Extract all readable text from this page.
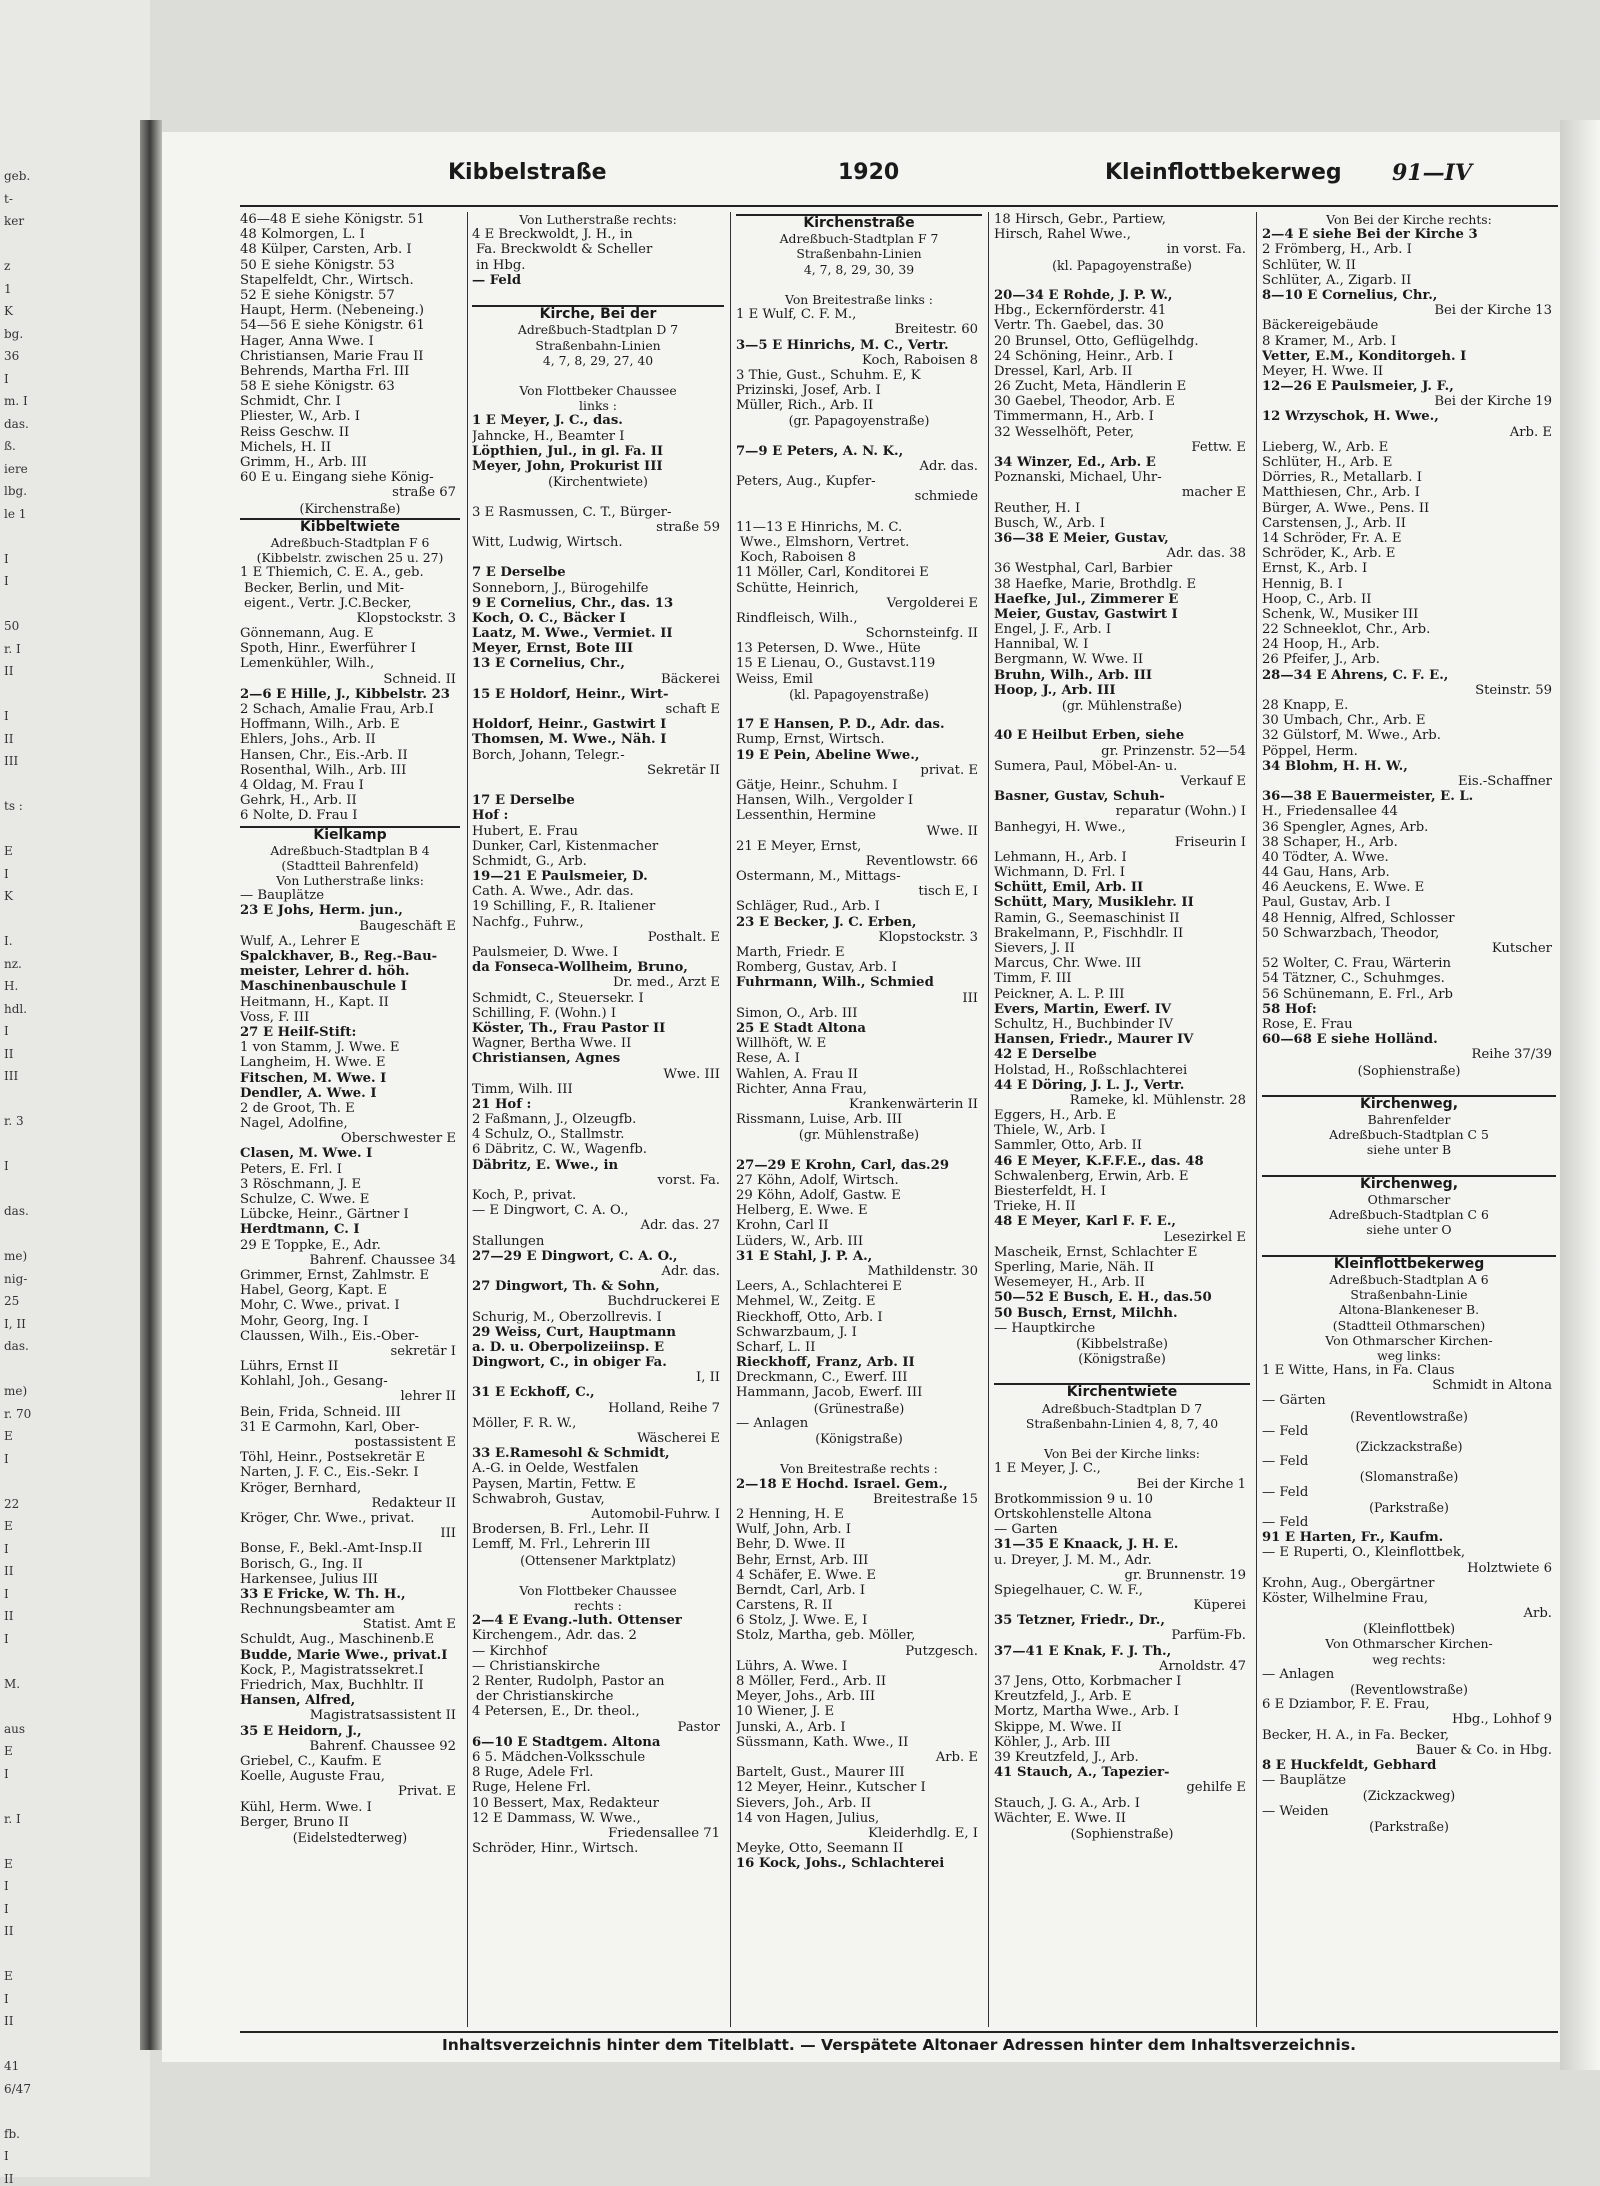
geb.
t-
ker
z
1
K
bg.
36
I
m. I
das.
ß.
iere
lbg.
le 1
I
I
50
r. I
II
I
II
III
ts :
E
I
K
I.
nz.
H.
hdl.
I
II
III
r. 3
I
das.
me)
nig-
25
I, II
das.
me)
r. 70
E
I
22
E
I
II
I
II
I
M.
aus
E
I
r. I
E
I
I
II
E
I
II
41
6/47
fb.
I
II
Kibbelstraße	1920	Kleinflottbekerweg 91—IV
46—48 E siehe Königstr. 51
48 Kolmorgen, L. I
48 Külper, Carsten, Arb. I
50 E siehe Königstr. 53
Stapelfeldt, Chr., Wirtsch.
52 E siehe Königstr. 57
Haupt, Herm. (Nebeneing.)
54—56 E siehe Königstr. 61
Hager, Anna Wwe. I
Christiansen, Marie Frau II
Behrends, Martha Frl. III
58 E siehe Königstr. 63
Schmidt, Chr. I
Pliester, W., Arb. I
Reiss Geschw. II
Michels, H. II
Grimm, H., Arb. III
60 E u. Eingang siehe König-
straße 67
(Kirchenstraße)
Kibbeltwiete
Adreßbuch-Stadtplan F 6
(Kibbelstr. zwischen 25 u. 27)
1 E Thiemich, C. E. A., geb.
Becker, Berlin, und Mit-
eigent., Vertr. J.C.Becker,
Klopstockstr. 3
Gönnemann, Aug. E
Spoth, Hinr., Ewerführer I
Lemenkühler, Wilh.,
Schneid. II
2—6 E Hille, J., Kibbelstr. 23
2 Schach, Amalie Frau, Arb.I
Hoffmann, Wilh., Arb. E
Ehlers, Johs., Arb. II
Hansen, Chr., Eis.-Arb. II
Rosenthal, Wilh., Arb. III
4 Oldag, M. Frau I
Gehrk, H., Arb. II
6 Nolte, D. Frau I
Kielkamp
Adreßbuch-Stadtplan B 4
(Stadtteil Bahrenfeld)
Von Lutherstraße links:
— Bauplätze
23 E Johs, Herm. jun.,
Baugeschäft E
Wulf, A., Lehrer E
Spalckhaver, B., Reg.-Bau-
meister, Lehrer d. höh.
Maschinenbauschule I
Heitmann, H., Kapt. II
Voss, F. III
27 E Heilf-Stift:
1 von Stamm, J. Wwe. E
Langheim, H. Wwe. E
Fitschen, M. Wwe. I
Dendler, A. Wwe. I
2 de Groot, Th. E
Nagel, Adolfine,
Oberschwester E
Clasen, M. Wwe. I
Peters, E. Frl. I
3 Röschmann, J. E
Schulze, C. Wwe. E
Lübcke, Heinr., Gärtner I
Herdtmann, C. I
29 E Toppke, E., Adr.
Bahrenf. Chaussee 34
Grimmer, Ernst, Zahlmstr. E
Habel, Georg, Kapt. E
Mohr, C. Wwe., privat. I
Mohr, Georg, Ing. I
Claussen, Wilh., Eis.-Ober-
sekretär I
Lührs, Ernst II
Kohlahl, Joh., Gesang-
lehrer II
Bein, Frida, Schneid. III
31 E Carmohn, Karl, Ober-
postassistent E
Töhl, Heinr., Postsekretär E
Narten, J. F. C., Eis.-Sekr. I
Kröger, Bernhard,
Redakteur II
Kröger, Chr. Wwe., privat.
III
Bonse, F., Bekl.-Amt-Insp.II
Borisch, G., Ing. II
Harkensee, Julius III
33 E Fricke, W. Th. H.,
Rechnungsbeamter am
Statist. Amt E
Schuldt, Aug., Maschinenb.E
Budde, Marie Wwe., privat.I
Kock, P., Magistratssekret.I
Friedrich, Max, Buchhltr. II
Hansen, Alfred,
Magistratsassistent II
35 E Heidorn, J.,
Bahrenf. Chaussee 92
Griebel, C., Kaufm. E
Koelle, Auguste Frau,
Privat. E
Kühl, Herm. Wwe. I
Berger, Bruno II
(Eidelstedterweg)
Von Lutherstraße rechts:
4 E Breckwoldt, J. H., in
Fa. Breckwoldt & Scheller
in Hbg.
— Feld
Kirche, Bei der
Adreßbuch-Stadtplan D 7
Straßenbahn-Linien
4, 7, 8, 29, 27, 40
Von Flottbeker Chaussee
links :
1 E Meyer, J. C., das.
Jahncke, H., Beamter I
Löpthien, Jul., in gl. Fa. II
Meyer, John, Prokurist III
(Kirchentwiete)
3 E Rasmussen, C. T., Bürger-
straße 59
Witt, Ludwig, Wirtsch.
7 E Derselbe
Sonneborn, J., Bürogehilfe
9 E Cornelius, Chr., das. 13
Koch, O. C., Bäcker I
Laatz, M. Wwe., Vermiet. II
Meyer, Ernst, Bote III
13 E Cornelius, Chr.,
Bäckerei
15 E Holdorf, Heinr., Wirt-
schaft E
Holdorf, Heinr., Gastwirt I
Thomsen, M. Wwe., Näh. I
Borch, Johann, Telegr.-
Sekretär II
17 E Derselbe
Hof :
Hubert, E. Frau
Dunker, Carl, Kistenmacher
Schmidt, G., Arb.
19—21 E Paulsmeier, D.
Cath. A. Wwe., Adr. das.
19 Schilling, F., R. Italiener
Nachfg., Fuhrw.,
Posthalt. E
Paulsmeier, D. Wwe. I
da Fonseca-Wollheim, Bruno,
Dr. med., Arzt E
Schmidt, C., Steuersekr. I
Schilling, F. (Wohn.) I
Köster, Th., Frau Pastor II
Wagner, Bertha Wwe. II
Christiansen, Agnes
Wwe. III
Timm, Wilh. III
21 Hof :
2 Faßmann, J., Ölzeugfb.
4 Schulz, O., Stallmstr.
6 Däbritz, C. W., Wagenfb.
Däbritz, E. Wwe., in
vorst. Fa.
Koch, P., privat.
— E Dingwort, C. A. O.,
Adr. das. 27
Stallungen
27—29 E Dingwort, C. A. O.,
Adr. das.
27 Dingwort, Th. & Sohn,
Buchdruckerei E
Schurig, M., Oberzollrevis. I
29 Weiss, Curt, Hauptmann
a. D. u. Oberpolizeiinsp. E
Dingwort, C., in obiger Fa.
I, II
31 E Eckhoff, C.,
Holland, Reihe 7
Möller, F. R. W.,
Wäscherei E
33 E.Ramesohl & Schmidt,
A.-G. in Oelde, Westfalen
Paysen, Martin, Fettw. E
Schwabroh, Gustav,
Automobil-Fuhrw. I
Brodersen, B. Frl., Lehr. II
Lemff, M. Frl., Lehrerin III
(Ottensener Marktplatz)
Von Flottbeker Chaussee
rechts :
2—4 E Evang.-luth. Ottenser
Kirchengem., Adr. das. 2
— Kirchhof
— Christianskirche
2 Renter, Rudolph, Pastor an
der Christianskirche
4 Petersen, E., Dr. theol.,
Pastor
6—10 E Stadtgem. Altona
6 5. Mädchen-Volksschule
8 Ruge, Adele Frl.
Ruge, Helene Frl.
10 Bessert, Max, Redakteur
12 E Dammass, W. Wwe.,
Friedensallee 71
Schröder, Hinr., Wirtsch.
Kirchenstraße
Adreßbuch-Stadtplan F 7
Straßenbahn-Linien
4, 7, 8, 29, 30, 39
Von Breitestraße links :
1 E Wulf, C. F. M.,
Breitestr. 60
3—5 E Hinrichs, M. C., Vertr.
Koch, Raboisen 8
3 Thie, Gust., Schuhm. E, K
Prizinski, Josef, Arb. I
Müller, Rich., Arb. II
(gr. Papagoyenstraße)
7—9 E Peters, A. N. K.,
Adr. das.
Peters, Aug., Kupfer-
schmiede
11—13 E Hinrichs, M. C.
Wwe., Elmshorn, Vertret.
Koch, Raboisen 8
11 Möller, Carl, Konditorei E
Schütte, Heinrich,
Vergolderei E
Rindfleisch, Wilh.,
Schornsteinfg. II
13 Petersen, D. Wwe., Hüte
15 E Lienau, O., Gustavst.119
Weiss, Emil
(kl. Papagoyenstraße)
17 E Hansen, P. D., Adr. das.
Rump, Ernst, Wirtsch.
19 E Pein, Abeline Wwe.,
privat. E
Gätje, Heinr., Schuhm. I
Hansen, Wilh., Vergolder I
Lessenthin, Hermine
Wwe. II
21 E Meyer, Ernst,
Reventlowstr. 66
Ostermann, M., Mittags-
tisch E, I
Schläger, Rud., Arb. I
23 E Becker, J. C. Erben,
Klopstockstr. 3
Marth, Friedr. E
Romberg, Gustav, Arb. I
Fuhrmann, Wilh., Schmied
III
Simon, O., Arb. III
25 E Stadt Altona
Willhöft, W. E
Rese, A. I
Wahlen, A. Frau II
Richter, Anna Frau,
Krankenwärterin II
Rissmann, Luise, Arb. III
(gr. Mühlenstraße)
27—29 E Krohn, Carl, das.29
27 Köhn, Adolf, Wirtsch.
29 Köhn, Adolf, Gastw. E
Helberg, E. Wwe. E
Krohn, Carl II
Lüders, W., Arb. III
31 E Stahl, J. P. A.,
Mathildenstr. 30
Leers, A., Schlachterei E
Mehmel, W., Zeitg. E
Rieckhoff, Otto, Arb. I
Schwarzbaum, J. I
Scharf, L. II
Rieckhoff, Franz, Arb. II
Dreckmann, C., Ewerf. III
Hammann, Jacob, Ewerf. III
(Grünestraße)
— Anlagen
(Königstraße)
Von Breitestraße rechts :
2—18 E Hochd. Israel. Gem.,
Breitestraße 15
2 Henning, H. E
Wulf, John, Arb. I
Behr, D. Wwe. II
Behr, Ernst, Arb. III
4 Schäfer, E. Wwe. E
Berndt, Carl, Arb. I
Carstens, R. II
6 Stolz, J. Wwe. E, I
Stolz, Martha, geb. Möller,
Putzgesch.
Lührs, A. Wwe. I
8 Möller, Ferd., Arb. II
Meyer, Johs., Arb. III
10 Wiener, J. E
Junski, A., Arb. I
Süssmann, Kath. Wwe., II
Arb. E
Bartelt, Gust., Maurer III
12 Meyer, Heinr., Kutscher I
Sievers, Joh., Arb. II
14 von Hagen, Julius,
Kleiderhdlg. E, I
Meyke, Otto, Seemann II
16 Kock, Johs., Schlachterei
18 Hirsch, Gebr., Partiew,
Hirsch, Rahel Wwe.,
in vorst. Fa.
(kl. Papagoyenstraße)
20—34 E Rohde, J. P. W.,
Hbg., Eckernförderstr. 41
Vertr. Th. Gaebel, das. 30
20 Brunsel, Otto, Geflügelhdg.
24 Schöning, Heinr., Arb. I
Dressel, Karl, Arb. II
26 Zucht, Meta, Händlerin E
30 Gaebel, Theodor, Arb. E
Timmermann, H., Arb. I
32 Wesselhöft, Peter,
Fettw. E
34 Winzer, Ed., Arb. E
Poznanski, Michael, Uhr-
macher E
Reuther, H. I
Busch, W., Arb. I
36—38 E Meier, Gustav,
Adr. das. 38
36 Westphal, Carl, Barbier
38 Haefke, Marie, Brothdlg. E
Haefke, Jul., Zimmerer E
Meier, Gustav, Gastwirt I
Engel, J. F., Arb. I
Hannibal, W. I
Bergmann, W. Wwe. II
Bruhn, Wilh., Arb. III
Hoop, J., Arb. III
(gr. Mühlenstraße)
40 E Heilbut Erben, siehe
gr. Prinzenstr. 52—54
Sumera, Paul, Möbel-An- u.
Verkauf E
Basner, Gustav, Schuh-
reparatur (Wohn.) I
Banhegyi, H. Wwe.,
Friseurin I
Lehmann, H., Arb. I
Wichmann, D. Frl. I
Schütt, Emil, Arb. II
Schütt, Mary, Musiklehr. II
Ramin, G., Seemaschinist II
Brakelmann, P., Fischhdlr. II
Sievers, J. II
Marcus, Chr. Wwe. III
Timm, F. III
Peickner, A. L. P. III
Evers, Martin, Ewerf. IV
Schultz, H., Buchbinder IV
Hansen, Friedr., Maurer IV
42 E Derselbe
Holstad, H., Roßschlachterei
44 E Döring, J. L. J., Vertr.
Rameke, kl. Mühlenstr. 28
Eggers, H., Arb. E
Thiele, W., Arb. I
Sammler, Otto, Arb. II
46 E Meyer, K.F.F.E., das. 48
Schwalenberg, Erwin, Arb. E
Biesterfeldt, H. I
Trieke, H. II
48 E Meyer, Karl F. F. E.,
Lesezirkel E
Mascheik, Ernst, Schlachter E
Sperling, Marie, Näh. II
Wesemeyer, H., Arb. II
50—52 E Busch, E. H., das.50
50 Busch, Ernst, Milchh.
— Hauptkirche
(Kibbelstraße)
(Königstraße)
Kirchentwiete
Adreßbuch-Stadtplan D 7
Straßenbahn-Linien 4, 8, 7, 40
Von Bei der Kirche links:
1 E Meyer, J. C.,
Bei der Kirche 1
Brotkommission 9 u. 10
Ortskohlenstelle Altona
— Garten
31—35 E Knaack, J. H. E.
u. Dreyer, J. M. M., Adr.
gr. Brunnenstr. 19
Spiegelhauer, C. W. F.,
Küperei
35 Tetzner, Friedr., Dr.,
Parfüm-Fb.
37—41 E Knak, F. J. Th.,
Arnoldstr. 47
37 Jens, Otto, Korbmacher I
Kreutzfeld, J., Arb. E
Mortz, Martha Wwe., Arb. I
Skippe, M. Wwe. II
Köhler, J., Arb. III
39 Kreutzfeld, J., Arb.
41 Stauch, A., Tapezier-
gehilfe E
Stauch, J. G. A., Arb. I
Wächter, E. Wwe. II
(Sophienstraße)
Von Bei der Kirche rechts:
2—4 E siehe Bei der Kirche 3
2 Frömberg, H., Arb. I
Schlüter, W. II
Schlüter, A., Zigarb. II
8—10 E Cornelius, Chr.,
Bei der Kirche 13
Bäckereigebäude
8 Kramer, M., Arb. I
Vetter, E.M., Konditorgeh. I
Meyer, H. Wwe. II
12—26 E Paulsmeier, J. F.,
Bei der Kirche 19
12 Wrzyschok, H. Wwe.,
Arb. E
Lieberg, W., Arb. E
Schlüter, H., Arb. E
Dörries, R., Metallarb. I
Matthiesen, Chr., Arb. I
Bürger, A. Wwe., Pens. II
Carstensen, J., Arb. II
14 Schröder, Fr. A. E
Schröder, K., Arb. E
Ernst, K., Arb. I
Hennig, B. I
Hoop, C., Arb. II
Schenk, W., Musiker III
22 Schneeklot, Chr., Arb.
24 Hoop, H., Arb.
26 Pfeifer, J., Arb.
28—34 E Ahrens, C. F. E.,
Steinstr. 59
28 Knapp, E.
30 Umbach, Chr., Arb. E
32 Gülstorf, M. Wwe., Arb.
Pöppel, Herm.
34 Blohm, H. H. W.,
Eis.-Schaffner
36—38 E Bauermeister, E. L.
H., Friedensallee 44
36 Spengler, Agnes, Arb.
38 Schaper, H., Arb.
40 Tödter, A. Wwe.
44 Gau, Hans, Arb.
46 Aeuckens, E. Wwe. E
Paul, Gustav, Arb. I
48 Hennig, Alfred, Schlosser
50 Schwarzbach, Theodor,
Kutscher
52 Wolter, C. Frau, Wärterin
54 Tätzner, C., Schuhmges.
56 Schünemann, E. Frl., Arb
58 Hof:
Rose, E. Frau
60—68 E siehe Holländ.
Reihe 37/39
(Sophienstraße)
Kirchenweg,
Bahrenfelder
Adreßbuch-Stadtplan C 5
siehe unter B
Kirchenweg,
Othmarscher
Adreßbuch-Stadtplan C 6
siehe unter O
Kleinflottbekerweg
Adreßbuch-Stadtplan A 6
Straßenbahn-Linie
Altona-Blankeneser B.
(Stadtteil Othmarschen)
Von Othmarscher Kirchen-
weg links:
1 E Witte, Hans, in Fa. Claus
Schmidt in Altona
— Gärten
(Reventlowstraße)
— Feld
(Zickzackstraße)
— Feld
(Slomanstraße)
— Feld
(Parkstraße)
— Feld
91 E Harten, Fr., Kaufm.
— E Ruperti, O., Kleinflottbek,
Holztwiete 6
Krohn, Aug., Obergärtner
Köster, Wilhelmine Frau,
Arb.
(Kleinflottbek)
Von Othmarscher Kirchen-
weg rechts:
— Anlagen
(Reventlowstraße)
6 E Dziambor, F. E. Frau,
Hbg., Lohhof 9
Becker, H. A., in Fa. Becker,
Bauer & Co. in Hbg.
8 E Huckfeldt, Gebhard
— Bauplätze
(Zickzackweg)
— Weiden
(Parkstraße)
Inhaltsverzeichnis hinter dem Titelblatt. — Verspätete Altonaer Adressen hinter dem Inhaltsverzeichnis.
